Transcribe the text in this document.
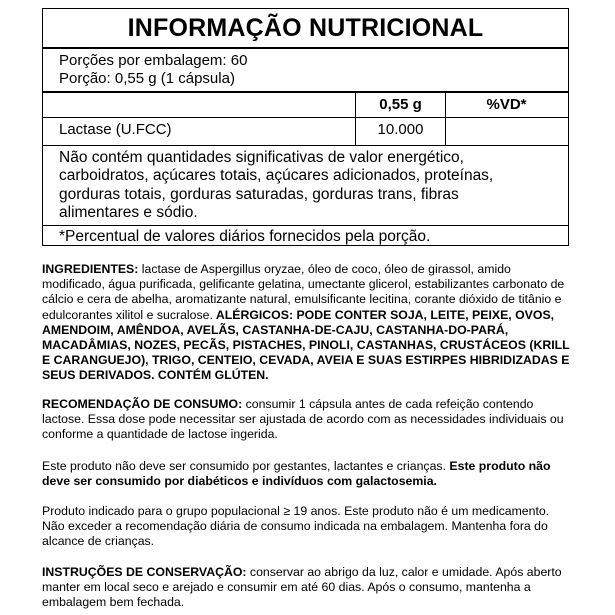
INFORMAÇÃO NUTRICIONAL
Porções por embalagem: 60
Porção: 0,55 g (1 cápsula)
0,55 g	%VD*
Lactase (U.FCC)	10.000
Não contém quantidades significativas de valor energético,
carboidratos, açúcares totais, açúcares adicionados, proteínas,
gorduras totais, gorduras saturadas, gorduras trans, fibras
alimentares e sódio.
*Percentual de valores diários fornecidos pela porção.
INGREDIENTES: lactase de Aspergillus oryzae, óleo de coco, óleo de girassol, amido modificado, água purificada, gelificante gelatina, umectante glicerol, estabilizantes carbonato de cálcio e cera de abelha, aromatizante natural, emulsificante lecitina, corante dióxido de titânio e edulcorantes xilitol e sucralose. ALÉRGICOS: PODE CONTER SOJA, LEITE, PEIXE, OVOS, AMENDOIM, AMÊNDOA, AVELÃS, CASTANHA-DE-CAJU, CASTANHA-DO-PARÁ, MACADÂMIAS, NOZES, PECÃS, PISTACHES, PINOLI, CASTANHAS, CRUSTÁCEOS (KRILL E CARANGUEJO), TRIGO, CENTEIO, CEVADA, AVEIA E SUAS ESTIRPES HIBRIDIZADAS E SEUS DERIVADOS. CONTÉM GLÚTEN.
RECOMENDAÇÃO DE CONSUMO: consumir 1 cápsula antes de cada refeição contendo lactose. Essa dose pode necessitar ser ajustada de acordo com as necessidades individuais ou conforme a quantidade de lactose ingerida.
Este produto não deve ser consumido por gestantes, lactantes e crianças. Este produto não deve ser consumido por diabéticos e indivíduos com galactosemia.
Produto indicado para o grupo populacional ≥ 19 anos. Este produto não é um medicamento. Não exceder a recomendação diária de consumo indicada na embalagem. Mantenha fora do alcance de crianças.
INSTRUÇÕES DE CONSERVAÇÃO: conservar ao abrigo da luz, calor e umidade. Após aberto manter em local seco e arejado e consumir em até 60 dias. Após o consumo, mantenha a embalagem bem fechada.
